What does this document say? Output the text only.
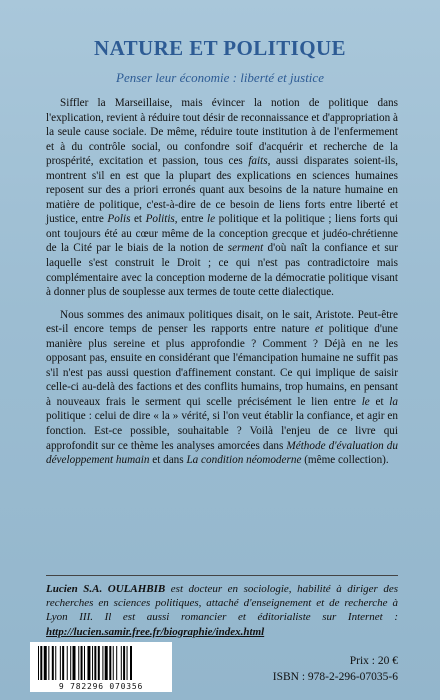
NATURE ET POLITIQUE
Penser leur économie : liberté et justice

Siffler la Marseillaise, mais évincer la notion de politique dans l'explication, revient à réduire tout désir de reconnaissance et d'appropriation à la seule cause sociale. De même, réduire toute institution à de l'enfermement et à du contrôle social, ou confondre soif d'acquérir et recherche de la prospérité, excitation et passion, tous ces faits, aussi disparates soient-ils, montrent s'il en est que la plupart des explications en sciences humaines reposent sur des a priori erronés quant aux besoins de la nature humaine en matière de politique, c'est-à-dire de ce besoin de liens forts entre liberté et justice, entre Polis et Politis, entre le politique et la politique ; liens forts qui ont toujours été au cœur même de la conception grecque et judéo-chrétienne de la Cité par le biais de la notion de serment d'où naît la confiance et sur laquelle s'est construit le Droit ; ce qui n'est pas contradictoire mais complémentaire avec la conception moderne de la démocratie politique visant à donner plus de souplesse aux termes de toute cette dialectique.

Nous sommes des animaux politiques disait, on le sait, Aristote. Peut-être est-il encore temps de penser les rapports entre nature et politique d'une manière plus sereine et plus approfondie ? Comment ? Déjà en ne les opposant pas, ensuite en considérant que l'émancipation humaine ne suffit pas s'il n'est pas aussi question d'affinement constant. Ce qui implique de saisir celle-ci au-delà des factions et des conflits humains, trop humains, en pensant à nouveaux frais le serment qui scelle précisément le lien entre le et la politique : celui de dire « la » vérité, si l'on veut établir la confiance, et agir en fonction. Est-ce possible, souhaitable ? Voilà l'enjeu de ce livre qui approfondit sur ce thème les analyses amorcées dans Méthode d'évaluation du développement humain et dans La condition néomoderne (même collection).

Lucien S.A. OULAHBIB est docteur en sociologie, habilité à diriger des recherches en sciences politiques, attaché d'enseignement et de recherche à Lyon III. Il est aussi romancier et éditorialiste sur Internet : http://lucien.samir.free.fr/biographie/index.html
9 782296 070356
Prix : 20 €
ISBN : 978-2-296-07035-6
